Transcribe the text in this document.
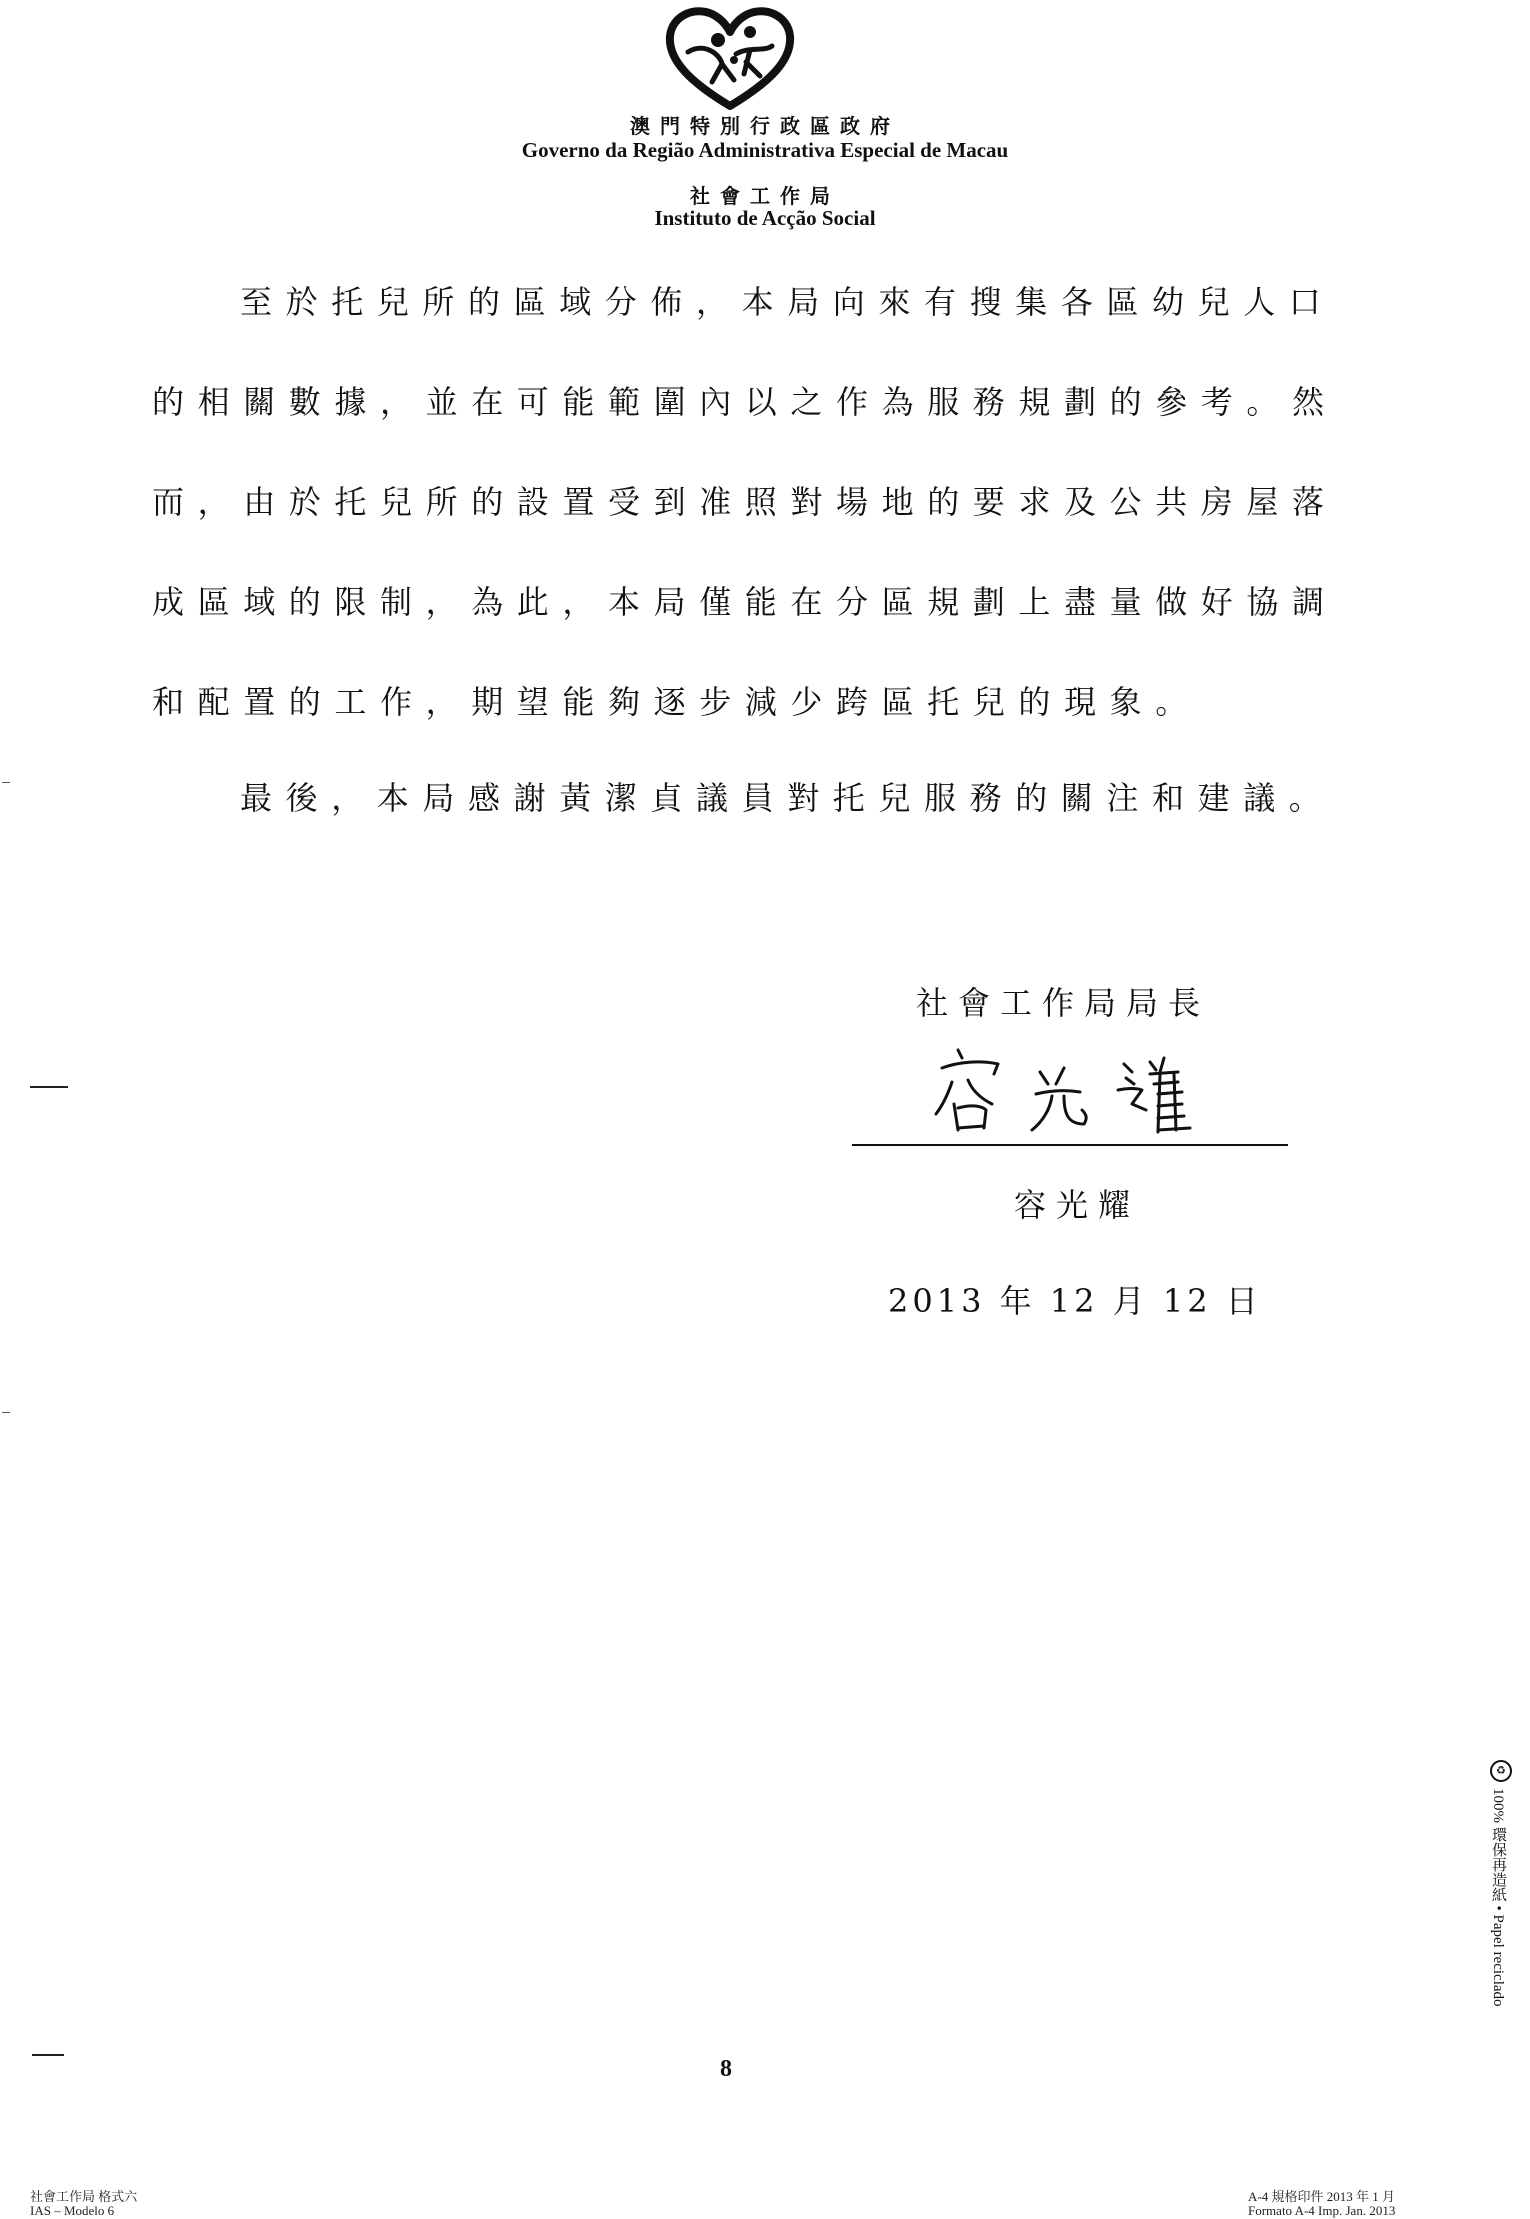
澳門特別行政區政府
Governo da Região Administrativa Especial de Macau
社會工作局
Instituto de Acção Social
至於托兒所的區域分佈，本局向來有搜集各區幼兒人口
的相關數據，並在可能範圍內以之作為服務規劃的參考。然
而，由於托兒所的設置受到准照對場地的要求及公共房屋落
成區域的限制，為此，本局僅能在分區規劃上盡量做好協調
和配置的工作，期望能夠逐步減少跨區托兒的現象。
最後，本局感謝黃潔貞議員對托兒服務的關注和建議。
社會工作局局長
容光耀
2013 年 12 月 12 日
♻
100% 環保再造紙 • Papel reciclado
8
社會工作局 格式六
IAS – Modelo 6
A-4 規格印件 2013 年 1 月
Formato A-4 Imp. Jan. 2013
